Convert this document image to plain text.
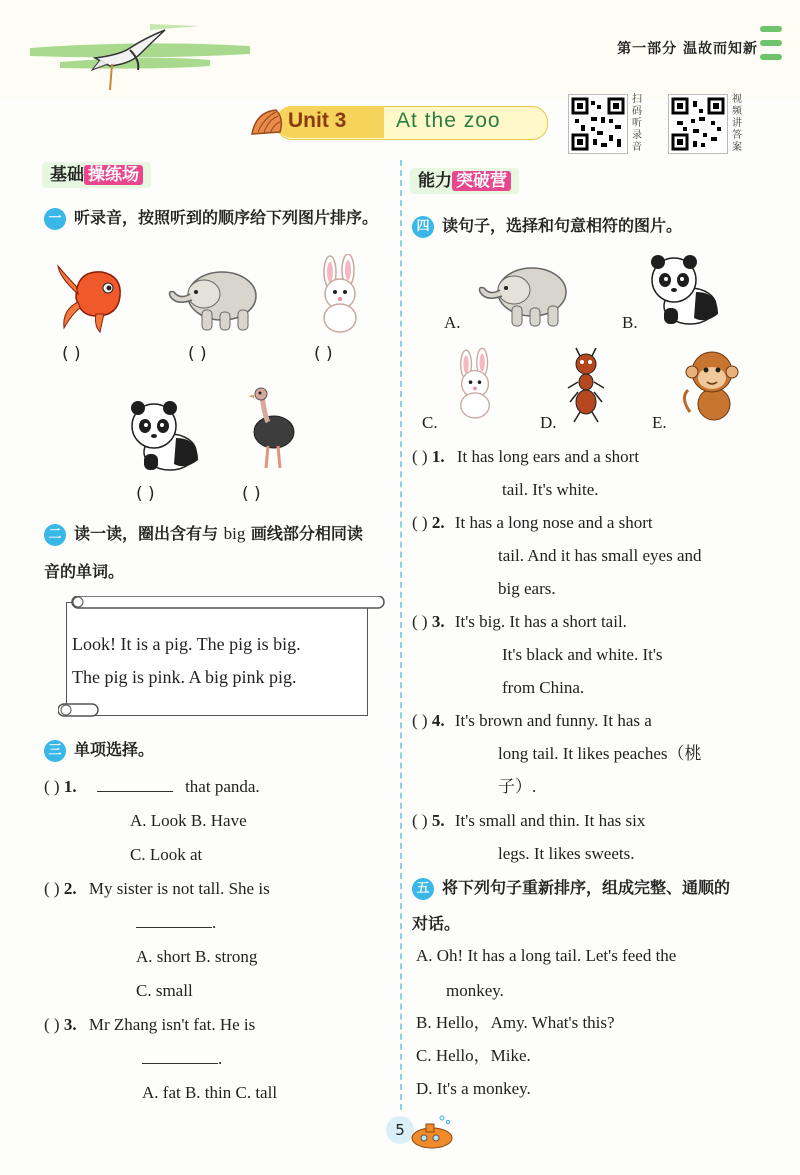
第一部分 温故而知新
Unit 3 At the zoo
扫码听录音
视频讲答案
基础 操练场
一 听录音，按照听到的顺序给下列图片排序。
( )	( )	( )
( )	( )
二 读一读，圈出含有与 big 画线部分相同读
音的单词。
Look! It is a pig. The pig is big.
The pig is pink. A big pink pig.
三 单项选择。
( ) 1.	that panda.
A. Look B. Have
C. Look at
( ) 2. My sister is not tall. She is
.
A. short B. strong
C. small
( ) 3. Mr Zhang isn't fat. He is
.
A. fat B. thin C. tall
能力 突破营
四 读句子，选择和句意相符的图片。
A.	B.
C.	D.	E.
( ) 1. It has long ears and a short
tail. It's white.
( ) 2. It has a long nose and a short
tail. And it has small eyes and
big ears.
( ) 3. It's big. It has a short tail.
It's black and white. It's
from China.
( ) 4. It's brown and funny. It has a
long tail. It likes peaches（桃
子）.
( ) 5. It's small and thin. It has six
legs. It likes sweets.
五 将下列句子重新排序，组成完整、通顺的
对话。
A. Oh! It has a long tail. Let's feed the
monkey.
B. Hello，Amy. What's this?
C. Hello，Mike.
D. It's a monkey.
5
